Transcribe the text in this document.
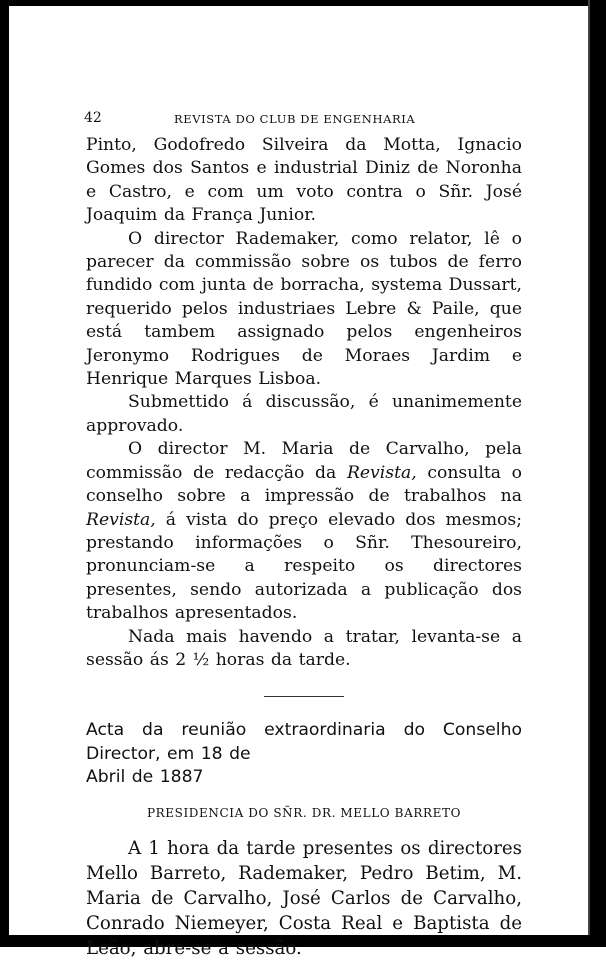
42	REVISTA DO CLUB DE ENGENHARIA

Pinto, Godofredo Silveira da Motta, Ignacio Gomes dos Santos e industrial Diniz de Noronha e Castro, e com um voto contra o Sñr. José Joaquim da França Junior.

O director Rademaker, como relator, lê o parecer da commissão sobre os tubos de ferro fundido com junta de borracha, systema Dussart, requerido pelos industriaes Lebre & Paile, que está tambem assignado pelos engenheiros Jeronymo Rodrigues de Moraes Jardim e Henrique Marques Lisboa.

Submettido á discussão, é unanimemente approvado.

O director M. Maria de Carvalho, pela commissão de redacção da Revista, consulta o conselho sobre a impressão de trabalhos na Revista, á vista do preço elevado dos mesmos; prestando informações o Sñr. Thesoureiro, pronunciam-se a respeito os directores presentes, sendo autorizada a publicação dos trabalhos apresentados.

Nada mais havendo a tratar, levanta-se a sessão ás 2 ½ horas da tarde.

Acta da reunião extraordinaria do Conselho Director, em 18 de
Abril de 1887

PRESIDENCIA DO SÑR. DR. MELLO BARRETO

A 1 hora da tarde presentes os directores Mello Barreto, Rademaker, Pedro Betim, M. Maria de Carvalho, José Carlos de Carvalho, Conrado Niemeyer, Costa Real e Baptista de Leão, abre-se a sessão.
